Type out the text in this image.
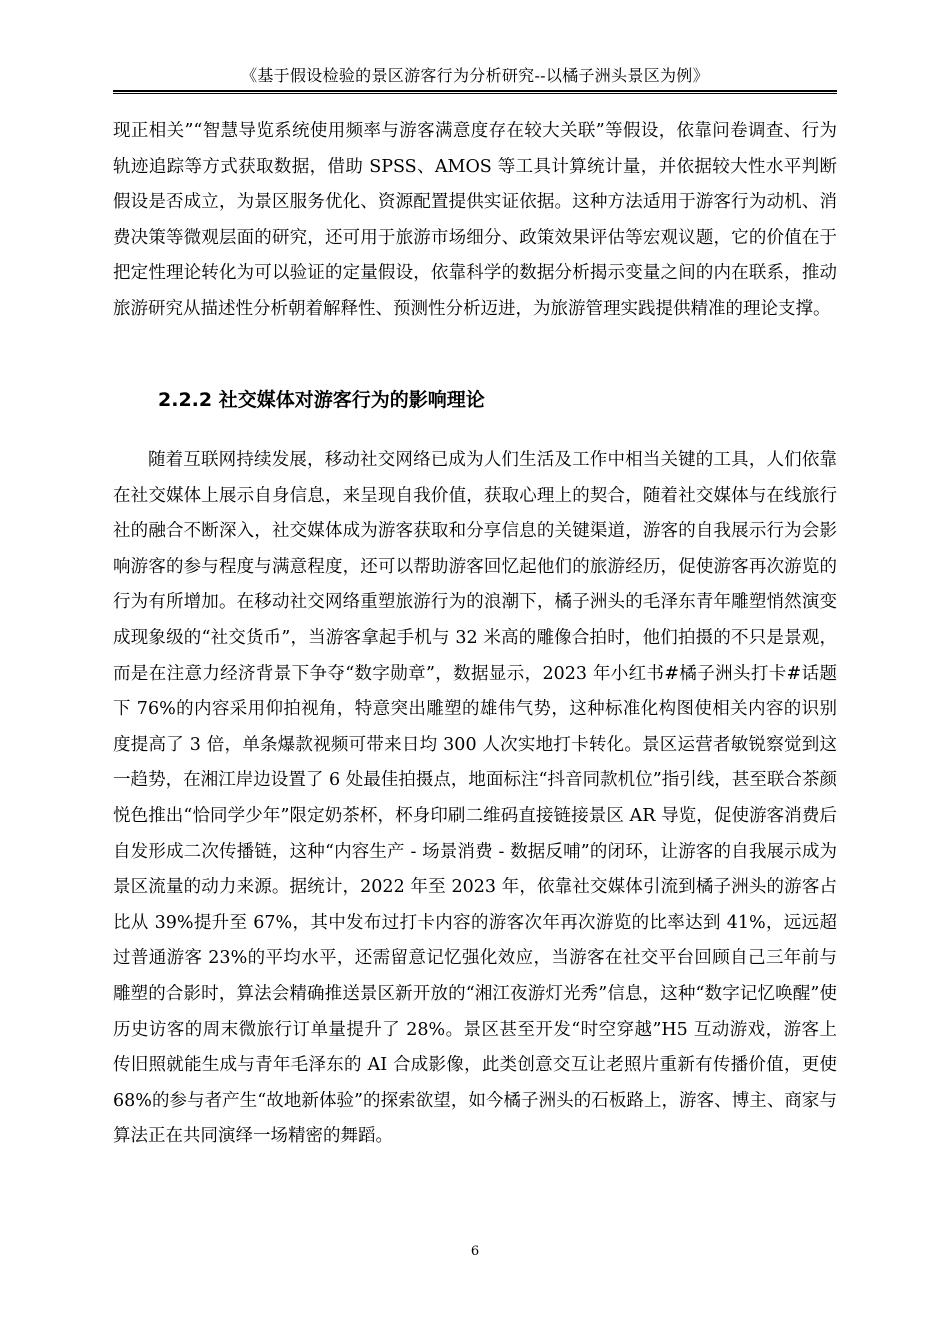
《基于假设检验的景区游客行为分析研究--以橘子洲头景区为例》

现正相关”“智慧导览系统使用频率与游客满意度存在较大关联”等假设，依靠问卷调查、行为轨迹追踪等方式获取数据，借助 SPSS、AMOS 等工具计算统计量，并依据较大性水平判断假设是否成立，为景区服务优化、资源配置提供实证依据。这种方法适用于游客行为动机、消费决策等微观层面的研究，还可用于旅游市场细分、政策效果评估等宏观议题，它的价值在于把定性理论转化为可以验证的定量假设，依靠科学的数据分析揭示变量之间的内在联系，推动旅游研究从描述性分析朝着解释性、预测性分析迈进，为旅游管理实践提供精准的理论支撑。

2.2.2 社交媒体对游客行为的影响理论

随着互联网持续发展，移动社交网络已成为人们生活及工作中相当关键的工具，人们依靠在社交媒体上展示自身信息，来呈现自我价值，获取心理上的契合，随着社交媒体与在线旅行社的融合不断深入，社交媒体成为游客获取和分享信息的关键渠道，游客的自我展示行为会影响游客的参与程度与满意程度，还可以帮助游客回忆起他们的旅游经历，促使游客再次游览的行为有所增加。在移动社交网络重塑旅游行为的浪潮下，橘子洲头的毛泽东青年雕塑悄然演变成现象级的“社交货币”，当游客拿起手机与 32 米高的雕像合拍时，他们拍摄的不只是景观，而是在注意力经济背景下争夺“数字勋章”，数据显示，2023 年小红书#橘子洲头打卡#话题下 76%的内容采用仰拍视角，特意突出雕塑的雄伟气势，这种标准化构图使相关内容的识别度提高了 3 倍，单条爆款视频可带来日均 300 人次实地打卡转化。景区运营者敏锐察觉到这一趋势，在湘江岸边设置了 6 处最佳拍摄点，地面标注“抖音同款机位”指引线，甚至联合茶颜悦色推出“恰同学少年”限定奶茶杯，杯身印刷二维码直接链接景区 AR 导览，促使游客消费后自发形成二次传播链，这种“内容生产 - 场景消费 - 数据反哺”的闭环，让游客的自我展示成为景区流量的动力来源。据统计，2022 年至 2023 年，依靠社交媒体引流到橘子洲头的游客占比从 39%提升至 67%，其中发布过打卡内容的游客次年再次游览的比率达到 41%，远远超过普通游客 23%的平均水平，还需留意记忆强化效应，当游客在社交平台回顾自己三年前与雕塑的合影时，算法会精确推送景区新开放的“湘江夜游灯光秀”信息，这种“数字记忆唤醒”使历史访客的周末微旅行订单量提升了 28%。景区甚至开发“时空穿越”H5 互动游戏，游客上传旧照就能生成与青年毛泽东的 AI 合成影像，此类创意交互让老照片重新有传播价值，更使 68%的参与者产生“故地新体验”的探索欲望，如今橘子洲头的石板路上，游客、博主、商家与算法正在共同演绎一场精密的舞蹈。

6
